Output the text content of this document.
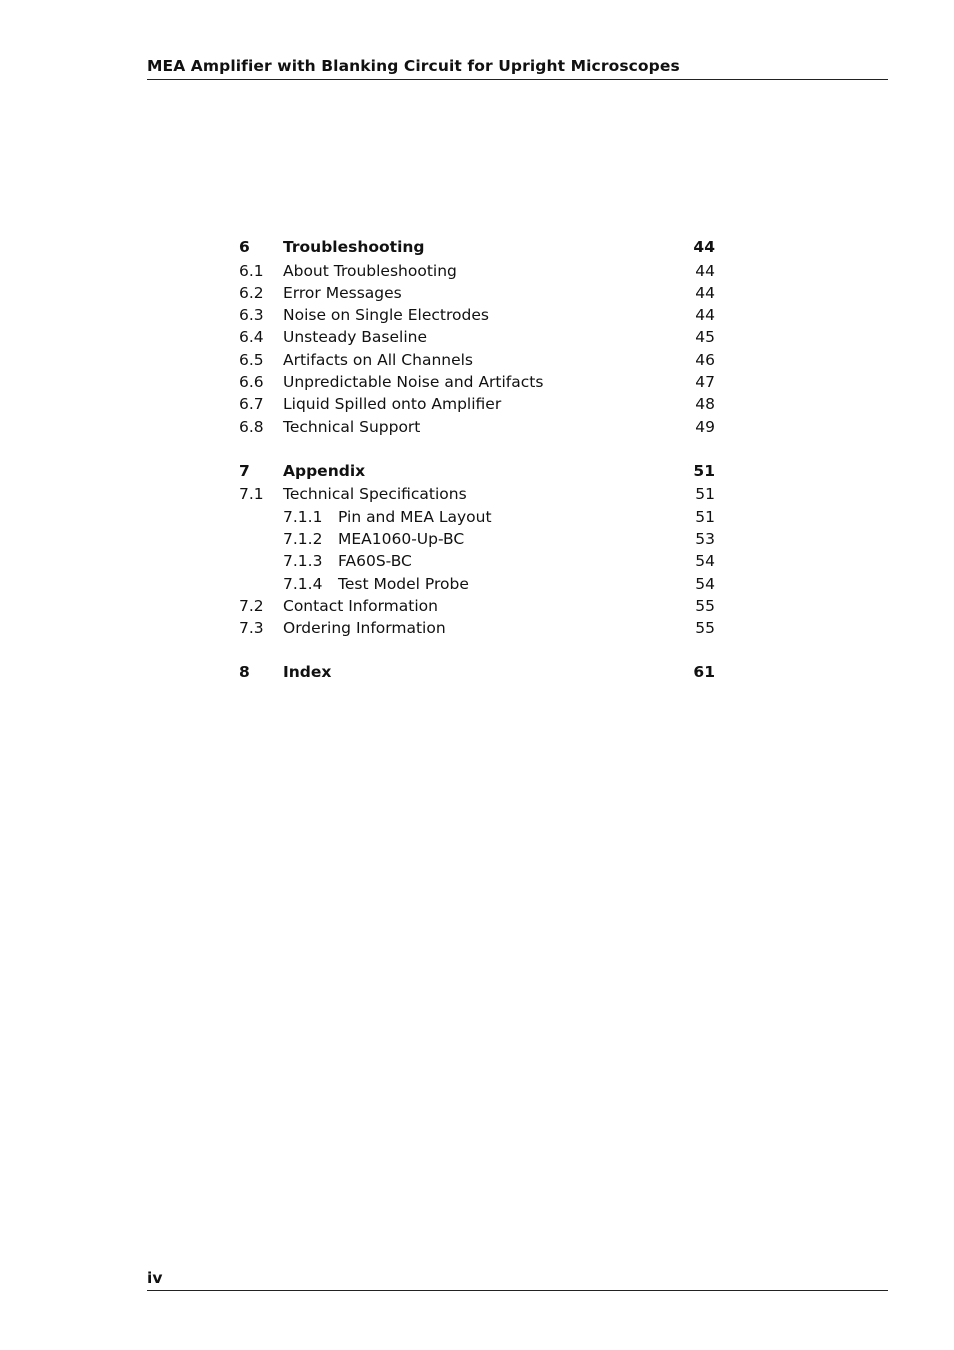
MEA Amplifier with Blanking Circuit for Upright Microscopes
6 Troubleshooting	44
6.1 About Troubleshooting	44
6.2 Error Messages	44
6.3 Noise on Single Electrodes	44
6.4 Unsteady Baseline	45
6.5 Artifacts on All Channels	46
6.6 Unpredictable Noise and Artifacts	47
6.7 Liquid Spilled onto Amplifier	48
6.8 Technical Support	49
7 Appendix	51
7.1 Technical Specifications	51
7.1.1 Pin and MEA Layout	51
7.1.2 MEA1060-Up-BC	53
7.1.3 FA60S-BC	54
7.1.4 Test Model Probe	54
7.2 Contact Information	55
7.3 Ordering Information	55
8 Index	61
iv
